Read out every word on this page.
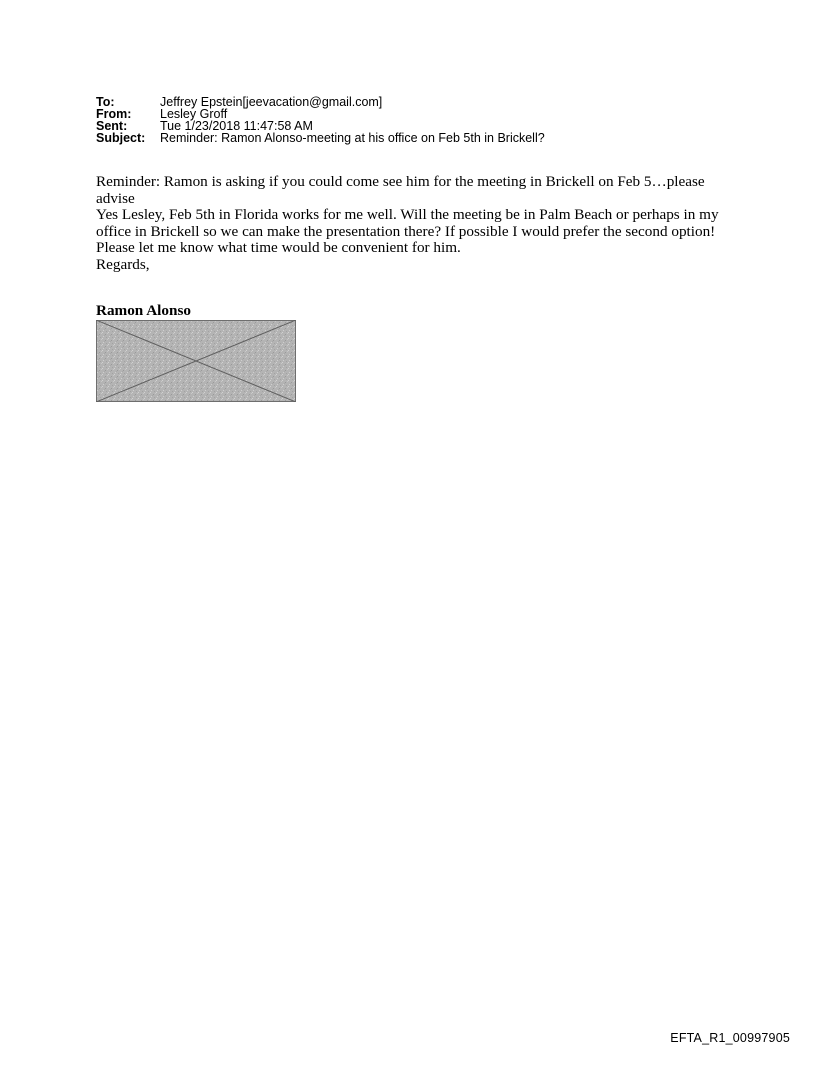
To:	Jeffrey Epstein[jeevacation@gmail.com]
From:	Lesley Groff
Sent:	Tue 1/23/2018 11:47:58 AM
Subject:	Reminder: Ramon Alonso-meeting at his office on Feb 5th in Brickell?

Reminder: Ramon is asking if you could come see him for the meeting in Brickell on Feb 5…please advise

Yes Lesley, Feb 5th in Florida works for me well. Will the meeting be in Palm Beach or perhaps in my office in Brickell so we can make the presentation there? If possible I would prefer the second option! Please let me know what time would be convenient for him.

Regards,

Ramon Alonso
EFTA_R1_00997905
